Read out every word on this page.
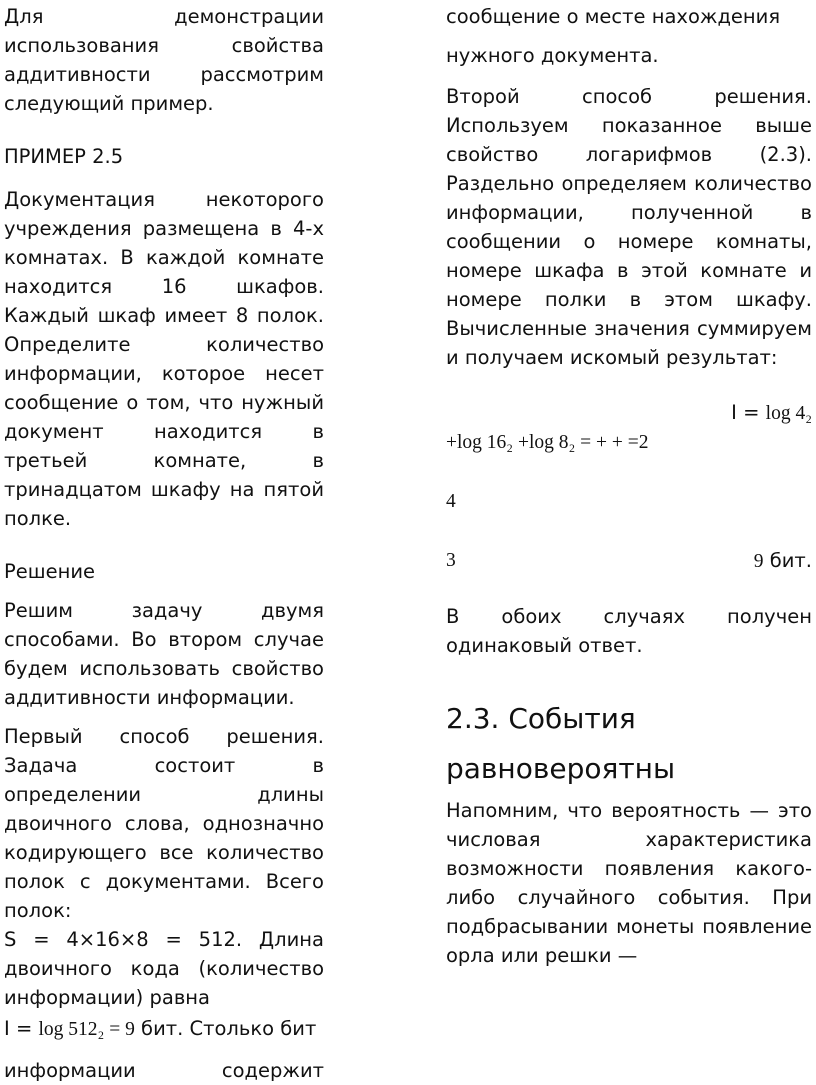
Для демонстрации использования свойства аддитивности рассмотрим следующий пример.

ПРИМЕР 2.5

Документация некоторого учреждения размещена в 4-х комнатах. В каждой комнате находится 16 шкафов. Каждый шкаф имеет 8 полок. Определите количество информации, которое несет сообщение о том, что нужный документ находится в третьей комнате, в тринадцатом шкафу на пятой полке.

Решение

Решим задачу двумя способами. Во втором случае будем использовать свойство аддитивности информации.

Первый способ решения. Задача состоит в определении длины двоичного слова, однозначно кодирующего все количество полок с документами. Всего полок:

S = 4×16×8 = 512. Длина двоичного кода (количество информации) равна

I = log 512₂ = 9 бит. Столько бит
информации	содержит
сообщение о месте нахождения
нужного документа.

Второй способ решения. Используем показанное выше свойство логарифмов (2.3). Раздельно определяем количество информации, полученной в сообщении о номере комнаты, номере шкафа в этой комнате и номере полки в этом шкафу. Вычисленные значения суммируем и получаем искомый результат:

I = log 4₂
+log 16₂ +log 8₂ = + + =2
4
3	9 бит.

В обоих случаях получен одинаковый ответ.

2.3. События
равновероятны

Напомним, что вероятность — это числовая характеристика возможности появления какого-либо случайного события. При подбрасывании монеты появление орла или решки —
